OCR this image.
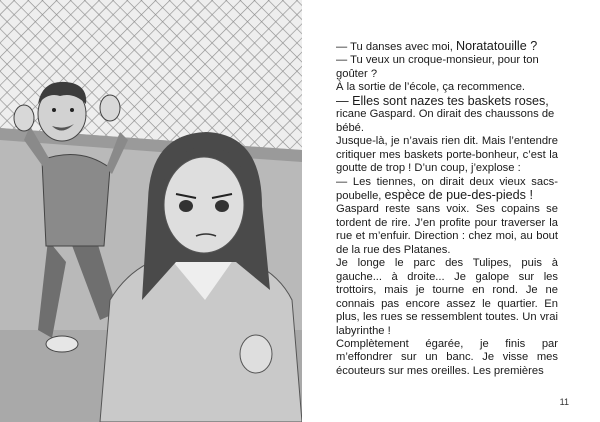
— Tu danses avec moi, Noratatouille ?

— Tu veux un croque-monsieur, pour ton goûter ?

À la sortie de l’école, ça recommence.

— Elles sont nazes tes baskets roses,

ricane Gaspard. On dirait des chaussons de bébé.

Jusque-là, je n’avais rien dit. Mais l’entendre critiquer mes baskets porte-bonheur, c’est la goutte de trop ! D’un coup, j’explose :

— Les tiennes, on dirait deux vieux sacs-poubelle, espèce de pue-des-pieds !

Gaspard reste sans voix. Ses copains se tordent de rire. J’en profite pour traverser la rue et m’enfuir. Direction : chez moi, au bout de la rue des Platanes.

Je longe le parc des Tulipes, puis à gauche... à droite... Je galope sur les trottoirs, mais je tourne en rond. Je ne connais pas encore assez le quartier. En plus, les rues se ressemblent toutes. Un vrai labyrinthe !

Complètement égarée, je finis par m’effondrer sur un banc. Je visse mes écouteurs sur mes oreilles. Les premières

11
